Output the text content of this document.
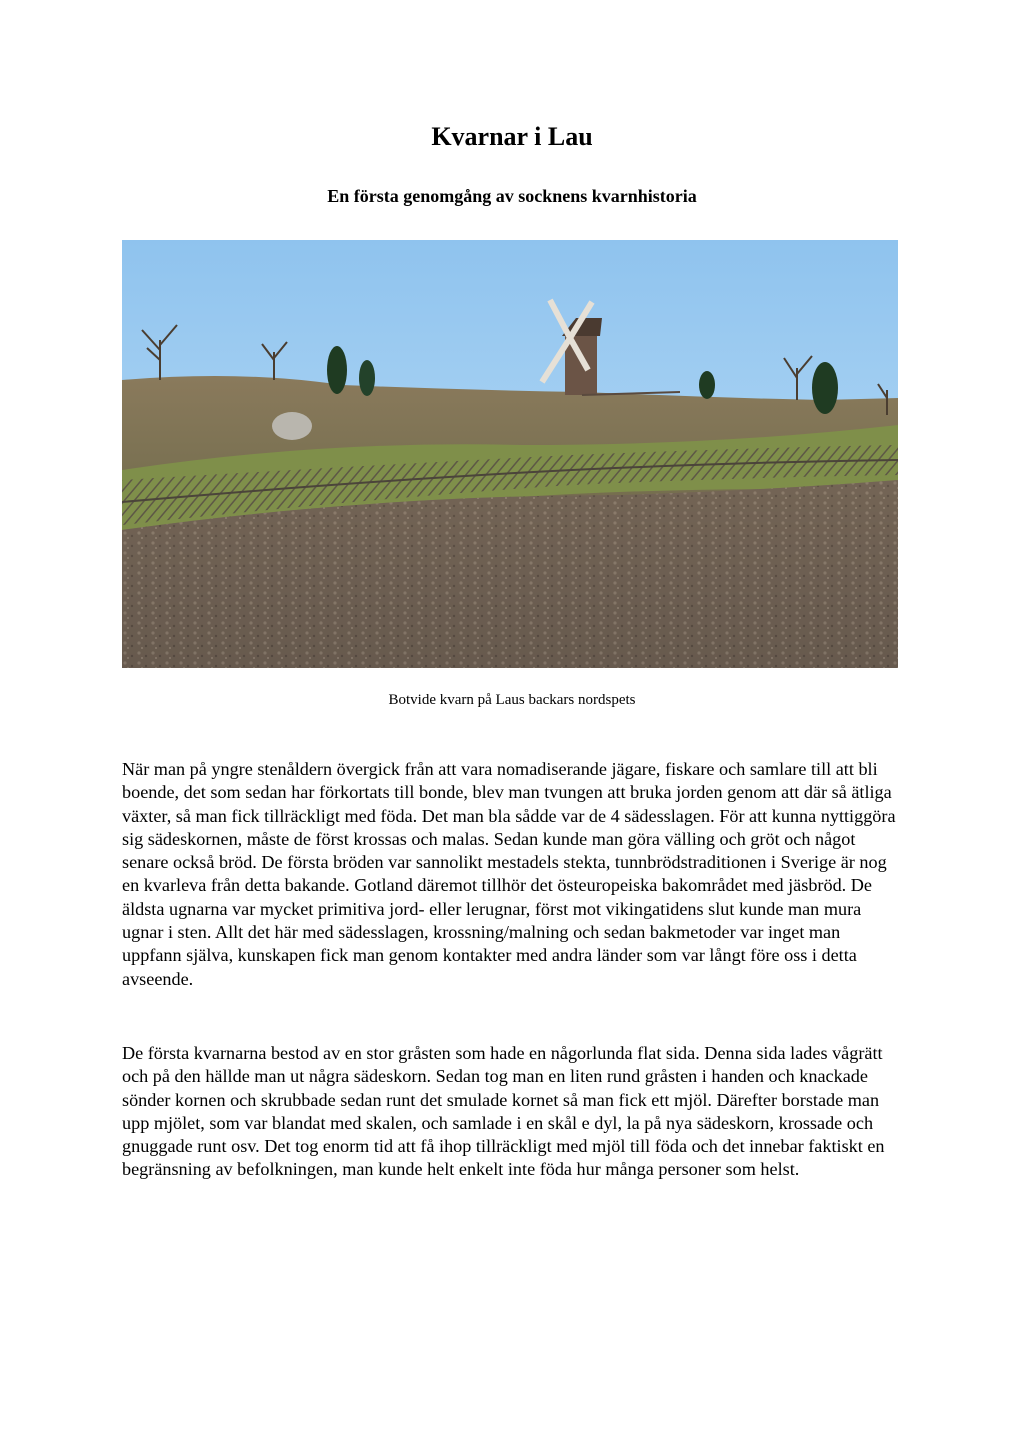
Kvarnar i Lau
En första genomgång av socknens kvarnhistoria

Botvide kvarn på Laus backars nordspets

När man på yngre stenåldern övergick från att vara nomadiserande jägare, fiskare och samlare till att bli boende, det som sedan har förkortats till bonde, blev man tvungen att bruka jorden genom att där så ätliga växter, så man fick tillräckligt med föda. Det man bla sådde var de 4 sädesslagen. För att kunna nyttiggöra sig sädeskornen, måste de först krossas och malas. Sedan kunde man göra välling och gröt och något senare också bröd. De första bröden var sannolikt mestadels stekta, tunnbrödstraditionen i Sverige är nog en kvarleva från detta bakande. Gotland däremot tillhör det östeuropeiska bakområdet med jäsbröd. De äldsta ugnarna var mycket primitiva jord- eller lerugnar, först mot vikingatidens slut kunde man mura ugnar i sten. Allt det här med sädesslagen, krossning/malning och sedan bakmetoder var inget man uppfann själva, kunskapen fick man genom kontakter med andra länder som var långt före oss i detta avseende.

De första kvarnarna bestod av en stor gråsten som hade en någorlunda flat sida. Denna sida lades vågrätt och på den hällde man ut några sädeskorn. Sedan tog man en liten rund gråsten i handen och knackade sönder kornen och skrubbade sedan runt det smulade kornet så man fick ett mjöl. Därefter borstade man upp mjölet, som var blandat med skalen, och samlade i en skål e dyl, la på nya sädeskorn, krossade och gnuggade runt osv. Det tog enorm tid att få ihop tillräckligt med mjöl till föda och det innebar faktiskt en begränsning av befolkningen, man kunde helt enkelt inte föda hur många personer som helst.
